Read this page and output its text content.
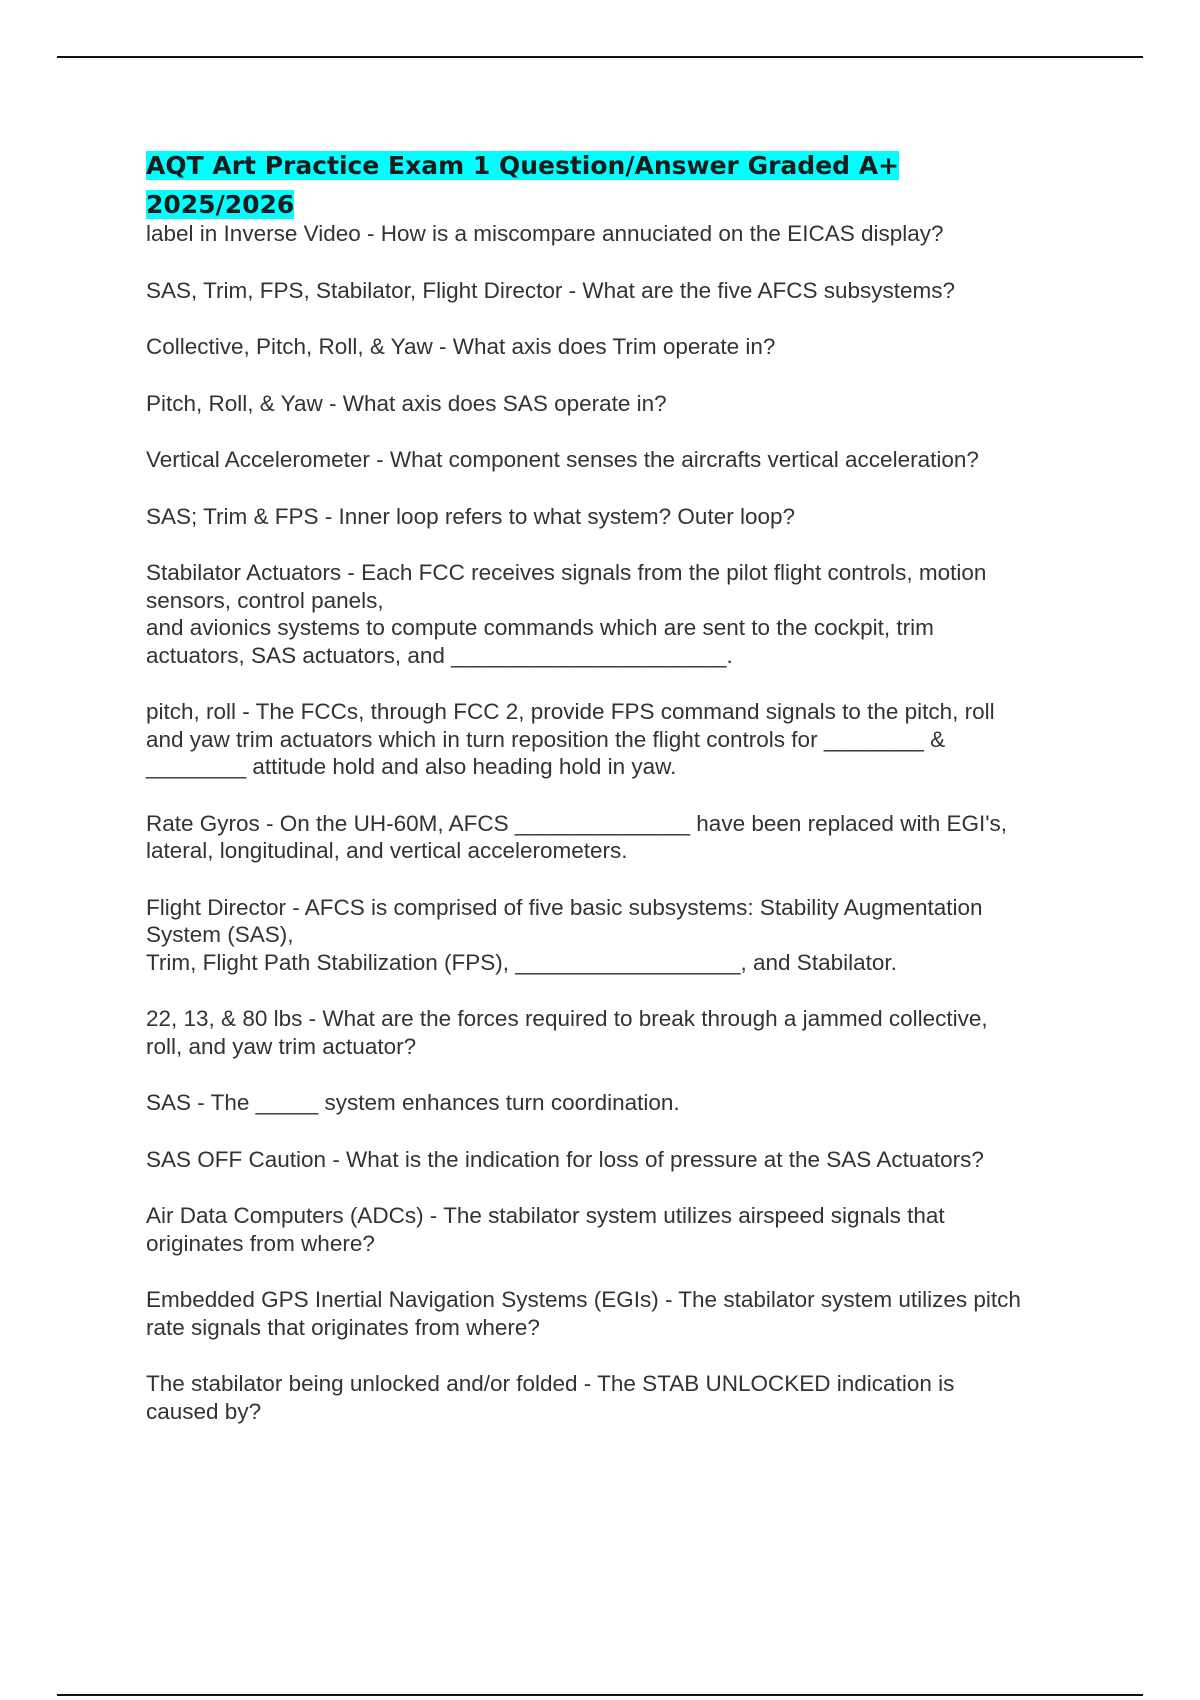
AQT Art Practice Exam 1 Question/Answer Graded A+ 2025/2026
label in Inverse Video - How is a miscompare annuciated on the EICAS display?
SAS, Trim, FPS, Stabilator, Flight Director - What are the five AFCS subsystems?
Collective, Pitch, Roll, & Yaw - What axis does Trim operate in?
Pitch, Roll, & Yaw - What axis does SAS operate in?
Vertical Accelerometer - What component senses the aircrafts vertical acceleration?
SAS; Trim & FPS - Inner loop refers to what system? Outer loop?
Stabilator Actuators - Each FCC receives signals from the pilot flight controls, motion
sensors, control panels,
and avionics systems to compute commands which are sent to the cockpit, trim
actuators, SAS actuators, and ______________________.
pitch, roll - The FCCs, through FCC 2, provide FPS command signals to the pitch, roll
and yaw trim actuators which in turn reposition the flight controls for ________ &
________ attitude hold and also heading hold in yaw.
Rate Gyros - On the UH-60M, AFCS ______________ have been replaced with EGI's,
lateral, longitudinal, and vertical accelerometers.
Flight Director - AFCS is comprised of five basic subsystems: Stability Augmentation
System (SAS),
Trim, Flight Path Stabilization (FPS), __________________, and Stabilator.
22, 13, & 80 lbs - What are the forces required to break through a jammed collective,
roll, and yaw trim actuator?
SAS - The _____ system enhances turn coordination.
SAS OFF Caution - What is the indication for loss of pressure at the SAS Actuators?
Air Data Computers (ADCs) - The stabilator system utilizes airspeed signals that
originates from where?
Embedded GPS Inertial Navigation Systems (EGIs) - The stabilator system utilizes pitch
rate signals that originates from where?
The stabilator being unlocked and/or folded - The STAB UNLOCKED indication is
caused by?
